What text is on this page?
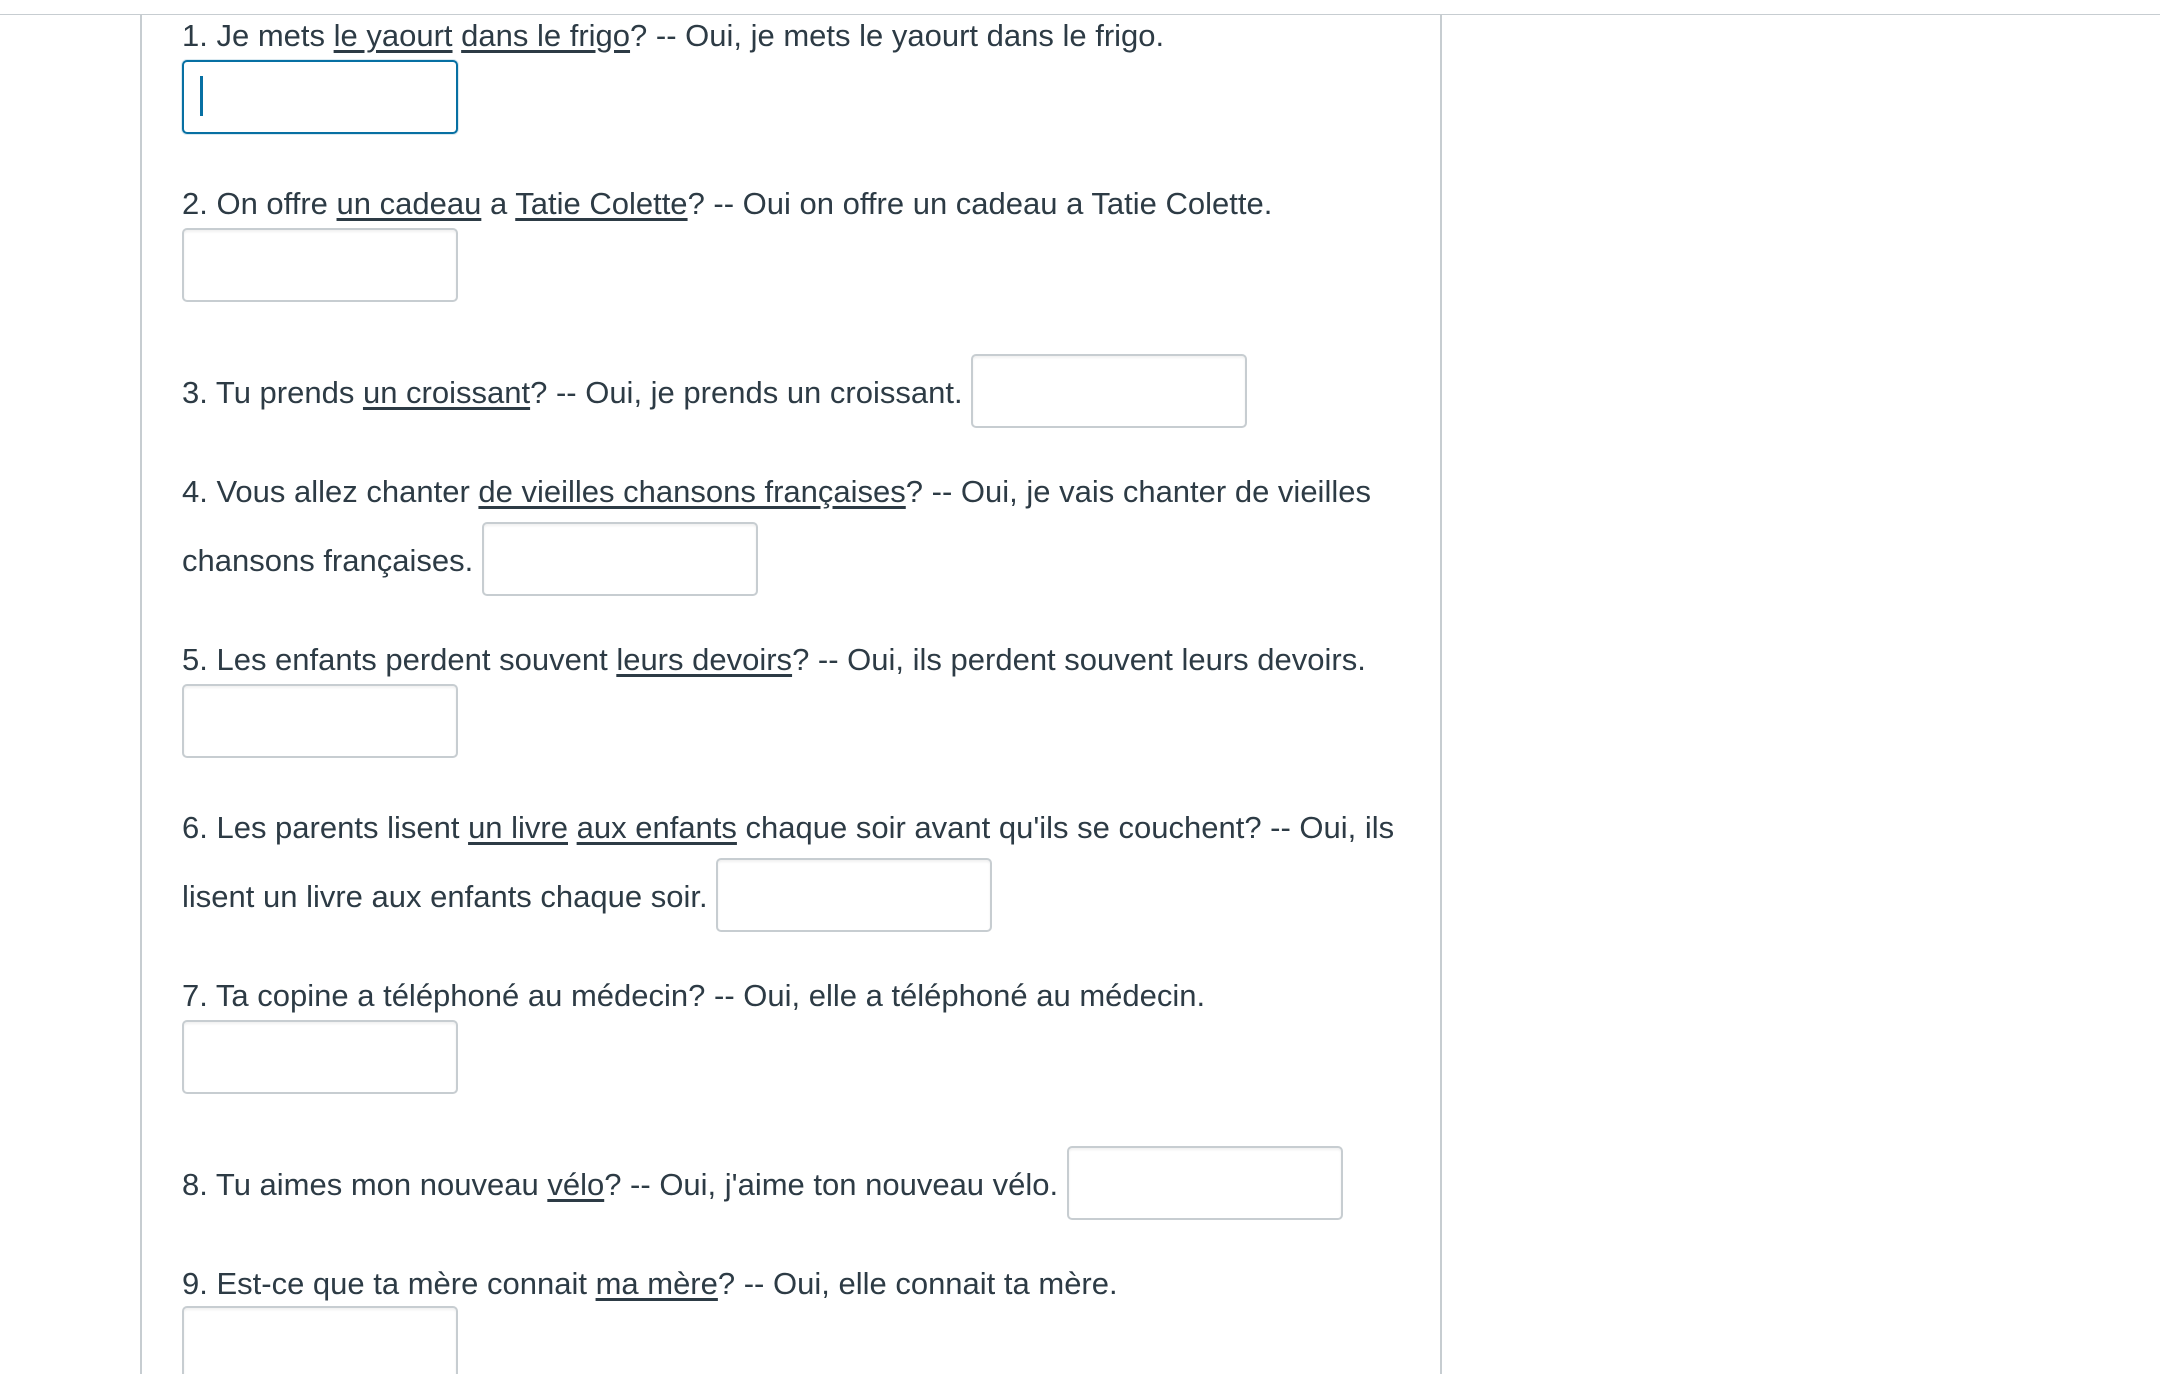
1. Je mets le yaourt dans le frigo? -- Oui, je mets le yaourt dans le frigo.
2. On offre un cadeau a Tatie Colette? -- Oui on offre un cadeau a Tatie Colette.
3. Tu prends un croissant? -- Oui, je prends un croissant.
4. Vous allez chanter de vieilles chansons françaises? -- Oui, je vais chanter de vieilles
chansons françaises.
5. Les enfants perdent souvent leurs devoirs? -- Oui, ils perdent souvent leurs devoirs.
6. Les parents lisent un livre aux enfants chaque soir avant qu'ils se couchent? -- Oui, ils
lisent un livre aux enfants chaque soir.
7. Ta copine a téléphoné au médecin? -- Oui, elle a téléphoné au médecin.
8. Tu aimes mon nouveau vélo? -- Oui, j'aime ton nouveau vélo.
9. Est-ce que ta mère connait ma mère? -- Oui, elle connait ta mère.
